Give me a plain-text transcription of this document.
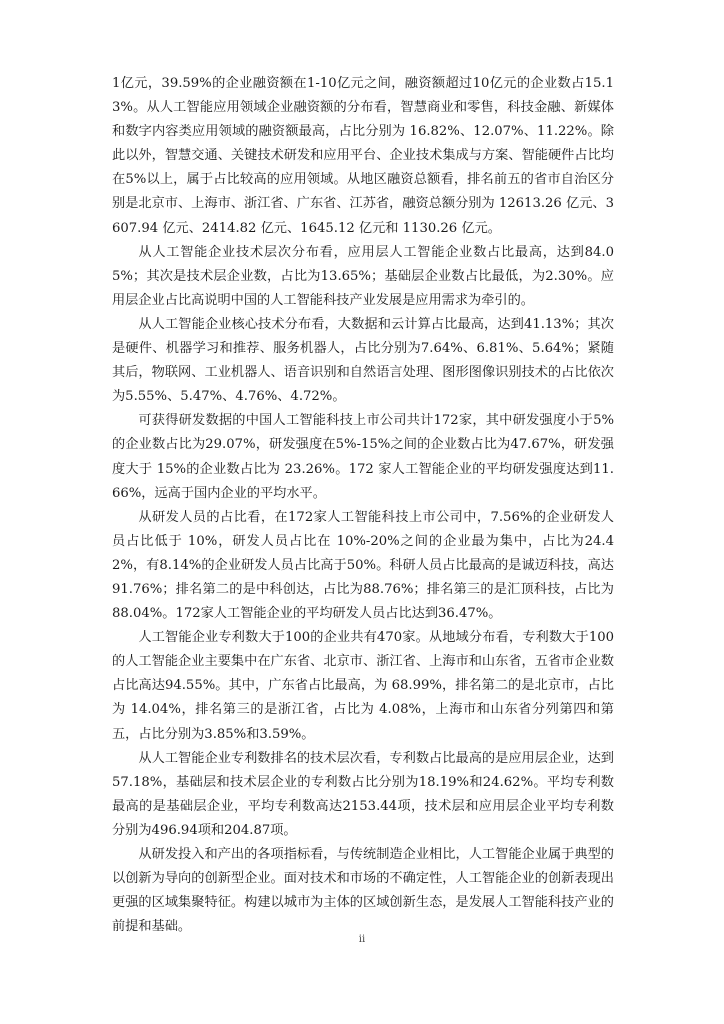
1亿元，39.59%的企业融资额在1-10亿元之间，融资额超过10亿元的企业数占15.13%。从人工智能应用领域企业融资额的分布看，智慧商业和零售，科技金融、新媒体和数字内容类应用领域的融资额最高，占比分别为 16.82%、12.07%、11.22%。除此以外，智慧交通、关键技术研发和应用平台、企业技术集成与方案、智能硬件占比均在5%以上，属于占比较高的应用领域。从地区融资总额看，排名前五的省市自治区分别是北京市、上海市、浙江省、广东省、江苏省，融资总额分别为 12613.26 亿元、3607.94 亿元、2414.82 亿元、1645.12 亿元和 1130.26 亿元。

从人工智能企业技术层次分布看，应用层人工智能企业数占比最高，达到84.05%；其次是技术层企业数，占比为13.65%；基础层企业数占比最低，为2.30%。应用层企业占比高说明中国的人工智能科技产业发展是应用需求为牵引的。

从人工智能企业核心技术分布看，大数据和云计算占比最高，达到41.13%；其次是硬件、机器学习和推荐、服务机器人，占比分别为7.64%、6.81%、5.64%；紧随其后，物联网、工业机器人、语音识别和自然语言处理、图形图像识别技术的占比依次为5.55%、5.47%、4.76%、4.72%。

可获得研发数据的中国人工智能科技上市公司共计172家，其中研发强度小于5%的企业数占比为29.07%，研发强度在5%-15%之间的企业数占比为47.67%，研发强度大于 15%的企业数占比为 23.26%。172 家人工智能企业的平均研发强度达到11.66%，远高于国内企业的平均水平。

从研发人员的占比看，在172家人工智能科技上市公司中，7.56%的企业研发人员占比低于 10%，研发人员占比在 10%-20%之间的企业最为集中，占比为24.42%，有8.14%的企业研发人员占比高于50%。科研人员占比最高的是诚迈科技，高达91.76%；排名第二的是中科创达，占比为88.76%；排名第三的是汇顶科技，占比为88.04%。172家人工智能企业的平均研发人员占比达到36.47%。

人工智能企业专利数大于100的企业共有470家。从地域分布看，专利数大于100的人工智能企业主要集中在广东省、北京市、浙江省、上海市和山东省，五省市企业数占比高达94.55%。其中，广东省占比最高，为 68.99%，排名第二的是北京市，占比为 14.04%，排名第三的是浙江省，占比为 4.08%，上海市和山东省分列第四和第五，占比分别为3.85%和3.59%。

从人工智能企业专利数排名的技术层次看，专利数占比最高的是应用层企业，达到57.18%，基础层和技术层企业的专利数占比分别为18.19%和24.62%。平均专利数最高的是基础层企业，平均专利数高达2153.44项，技术层和应用层企业平均专利数分别为496.94项和204.87项。

从研发投入和产出的各项指标看，与传统制造企业相比，人工智能企业属于典型的以创新为导向的创新型企业。面对技术和市场的不确定性，人工智能企业的创新表现出更强的区域集聚特征。构建以城市为主体的区域创新生态，是发展人工智能科技产业的前提和基础。

ii
